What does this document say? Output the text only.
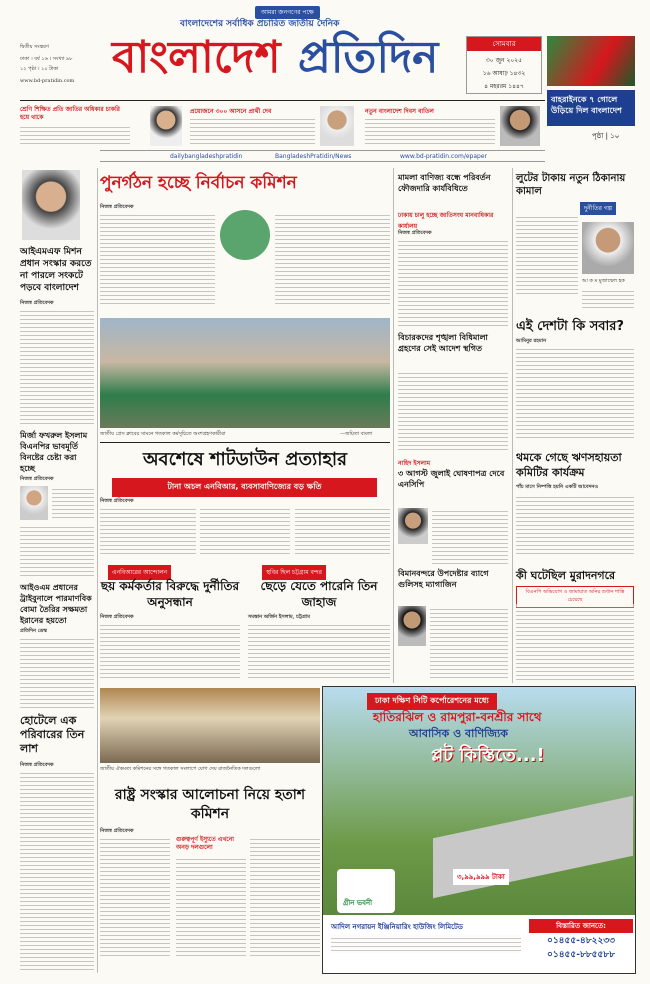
দ্বিতীয় সংস্করণ
ঢাকা । বর্ষ ১৬ । সংখ্যা ৯৮
১২ পৃষ্ঠা । ১০ টাকা
www.bd-pratidin.com
আমরা জনগণের পক্ষে
বাংলাদেশের সর্বাধিক প্রচারিত জাতীয় দৈনিক
বাংলাদেশ প্রতিদিন	সোমবার
৩০ জুন ২০২৫
১৬ আষাঢ় ১৪৩২
৪ মহররম ১৪৪৭
বাহরাইনকে ৭ গোলে উড়িয়ে দিল বাংলাদেশ
পৃষ্ঠা | ১০
শ্রেণি শিক্ষিত প্রতি জাতির অধিকার চাকরি হয়ে থাকে
প্রয়োজনে ৩০০ আসনে প্রার্থী দেব	নতুন বাংলাদেশ দিবস বাতিল
dailybangladeshpratidin	BangladeshPratidin/News	www.bd-pratidin.com/epaper
আইএমএফ মিশন প্রধান সংস্কার করতে না পারলে সংকটে পড়বে বাংলাদেশ
নিজস্ব প্রতিবেদক
মির্জা ফখরুল ইসলাম বিএনপির ভাবমূর্তি বিনষ্টের চেষ্টা করা হচ্ছে
নিজস্ব প্রতিবেদক
আইওএম প্রধানের ট্রাইবুনালে পারমাণবিক বোমা তৈরির সক্ষমতা ইরানের হয়তো
প্রতিদিন ডেস্ক
হোটেলে এক পরিবারের তিন লাশ
নিজস্ব প্রতিবেদক
পুনর্গঠন হচ্ছে নির্বাচন কমিশন
নিজস্ব প্রতিবেদক
জাতীয় প্রেস ক্লাবের সামনে গতকাল কর্মসূচিতে অংশগ্রহণকারীরা	—জয়িতা বাংলা
অবশেষে শাটডাউন প্রত্যাহার
টানা অচল এনবিআর, ব্যবসাবাণিজ্যের বড় ক্ষতি
নিজস্ব প্রতিবেদক
এনবিআরের আন্দোলন
ছয় কর্মকর্তার বিরুদ্ধে দুর্নীতির অনুসন্ধান
নিজস্ব প্রতিবেদক
স্থবির ছিল চট্টগ্রাম বন্দর
ছেড়ে যেতে পারেনি তিন জাহাজ
সমস্তান অর্জিন ইসলাম, চট্টগ্রাম
জাতীয় ঐকমত্য কমিশনের সঙ্গে গতকাল সংলাপে যোগ দেয় রাজনৈতিক দলগুলো
রাষ্ট্র সংস্কার আলোচনা নিয়ে হতাশ কমিশন
নিজস্ব প্রতিবেদক
গুরুত্বপূর্ণ ইস্যুতে এখনো অনড় দলগুলো
মামলা বাণিজ্য বন্ধে পরিবর্তন ফৌজদারি কার্যবিধিতে
ঢাকায় চালু হচ্ছে জাতিসংঘ মানবাধিকার কার্যালয়
নিজস্ব প্রতিবেদক
বিচারকদের শৃঙ্খলা বিধিমালা গ্রহণের সেই আদেশ স্থগিত
নাহিদ ইসলাম
৩ আগস্ট জুলাই ঘোষণাপত্র দেবে এনসিপি
বিমানবন্দরে উপদেষ্টার ব্যাগে গুলিসহ ম্যাগাজিন
লুটের টাকায় নতুন ঠিকানায় কামাল
দুর্নীতির গল্প
আ ক ম মুজাম্মেল হক
এই দেশটা কি সবার?
আমিনুর রহমান
থমকে গেছে ঋণসহায়তা কমিটির কার্যক্রম
পাঁচ মাসে নিষ্পত্তি হয়নি একটি আবেদনও
কী ঘটেছিল মুরাদনগরে
বিএনপি অভিযোগ ও জামায়াত অনির শুধান শাস্তি চেয়েছে
ঢাকা দক্ষিণ সিটি কর্পোরেশনের মধ্যে
হাতিরঝিল ও রামপুরা-বনশ্রীর সাথে
আবাসিক ও বাণিজ্যিক
প্লট কিস্তিতে...!
৩,৯৯,৯৯৯ টাকা
গ্রীন ভবনী
আদিল নগরায়ন ইঞ্জিনিয়ারিং হাউজিং লিমিটেড	বিস্তারিত জানতে:
০১৪৫৫-৪৮২২৩৩
০১৪৫৫-৮৮৫৫৮৮
